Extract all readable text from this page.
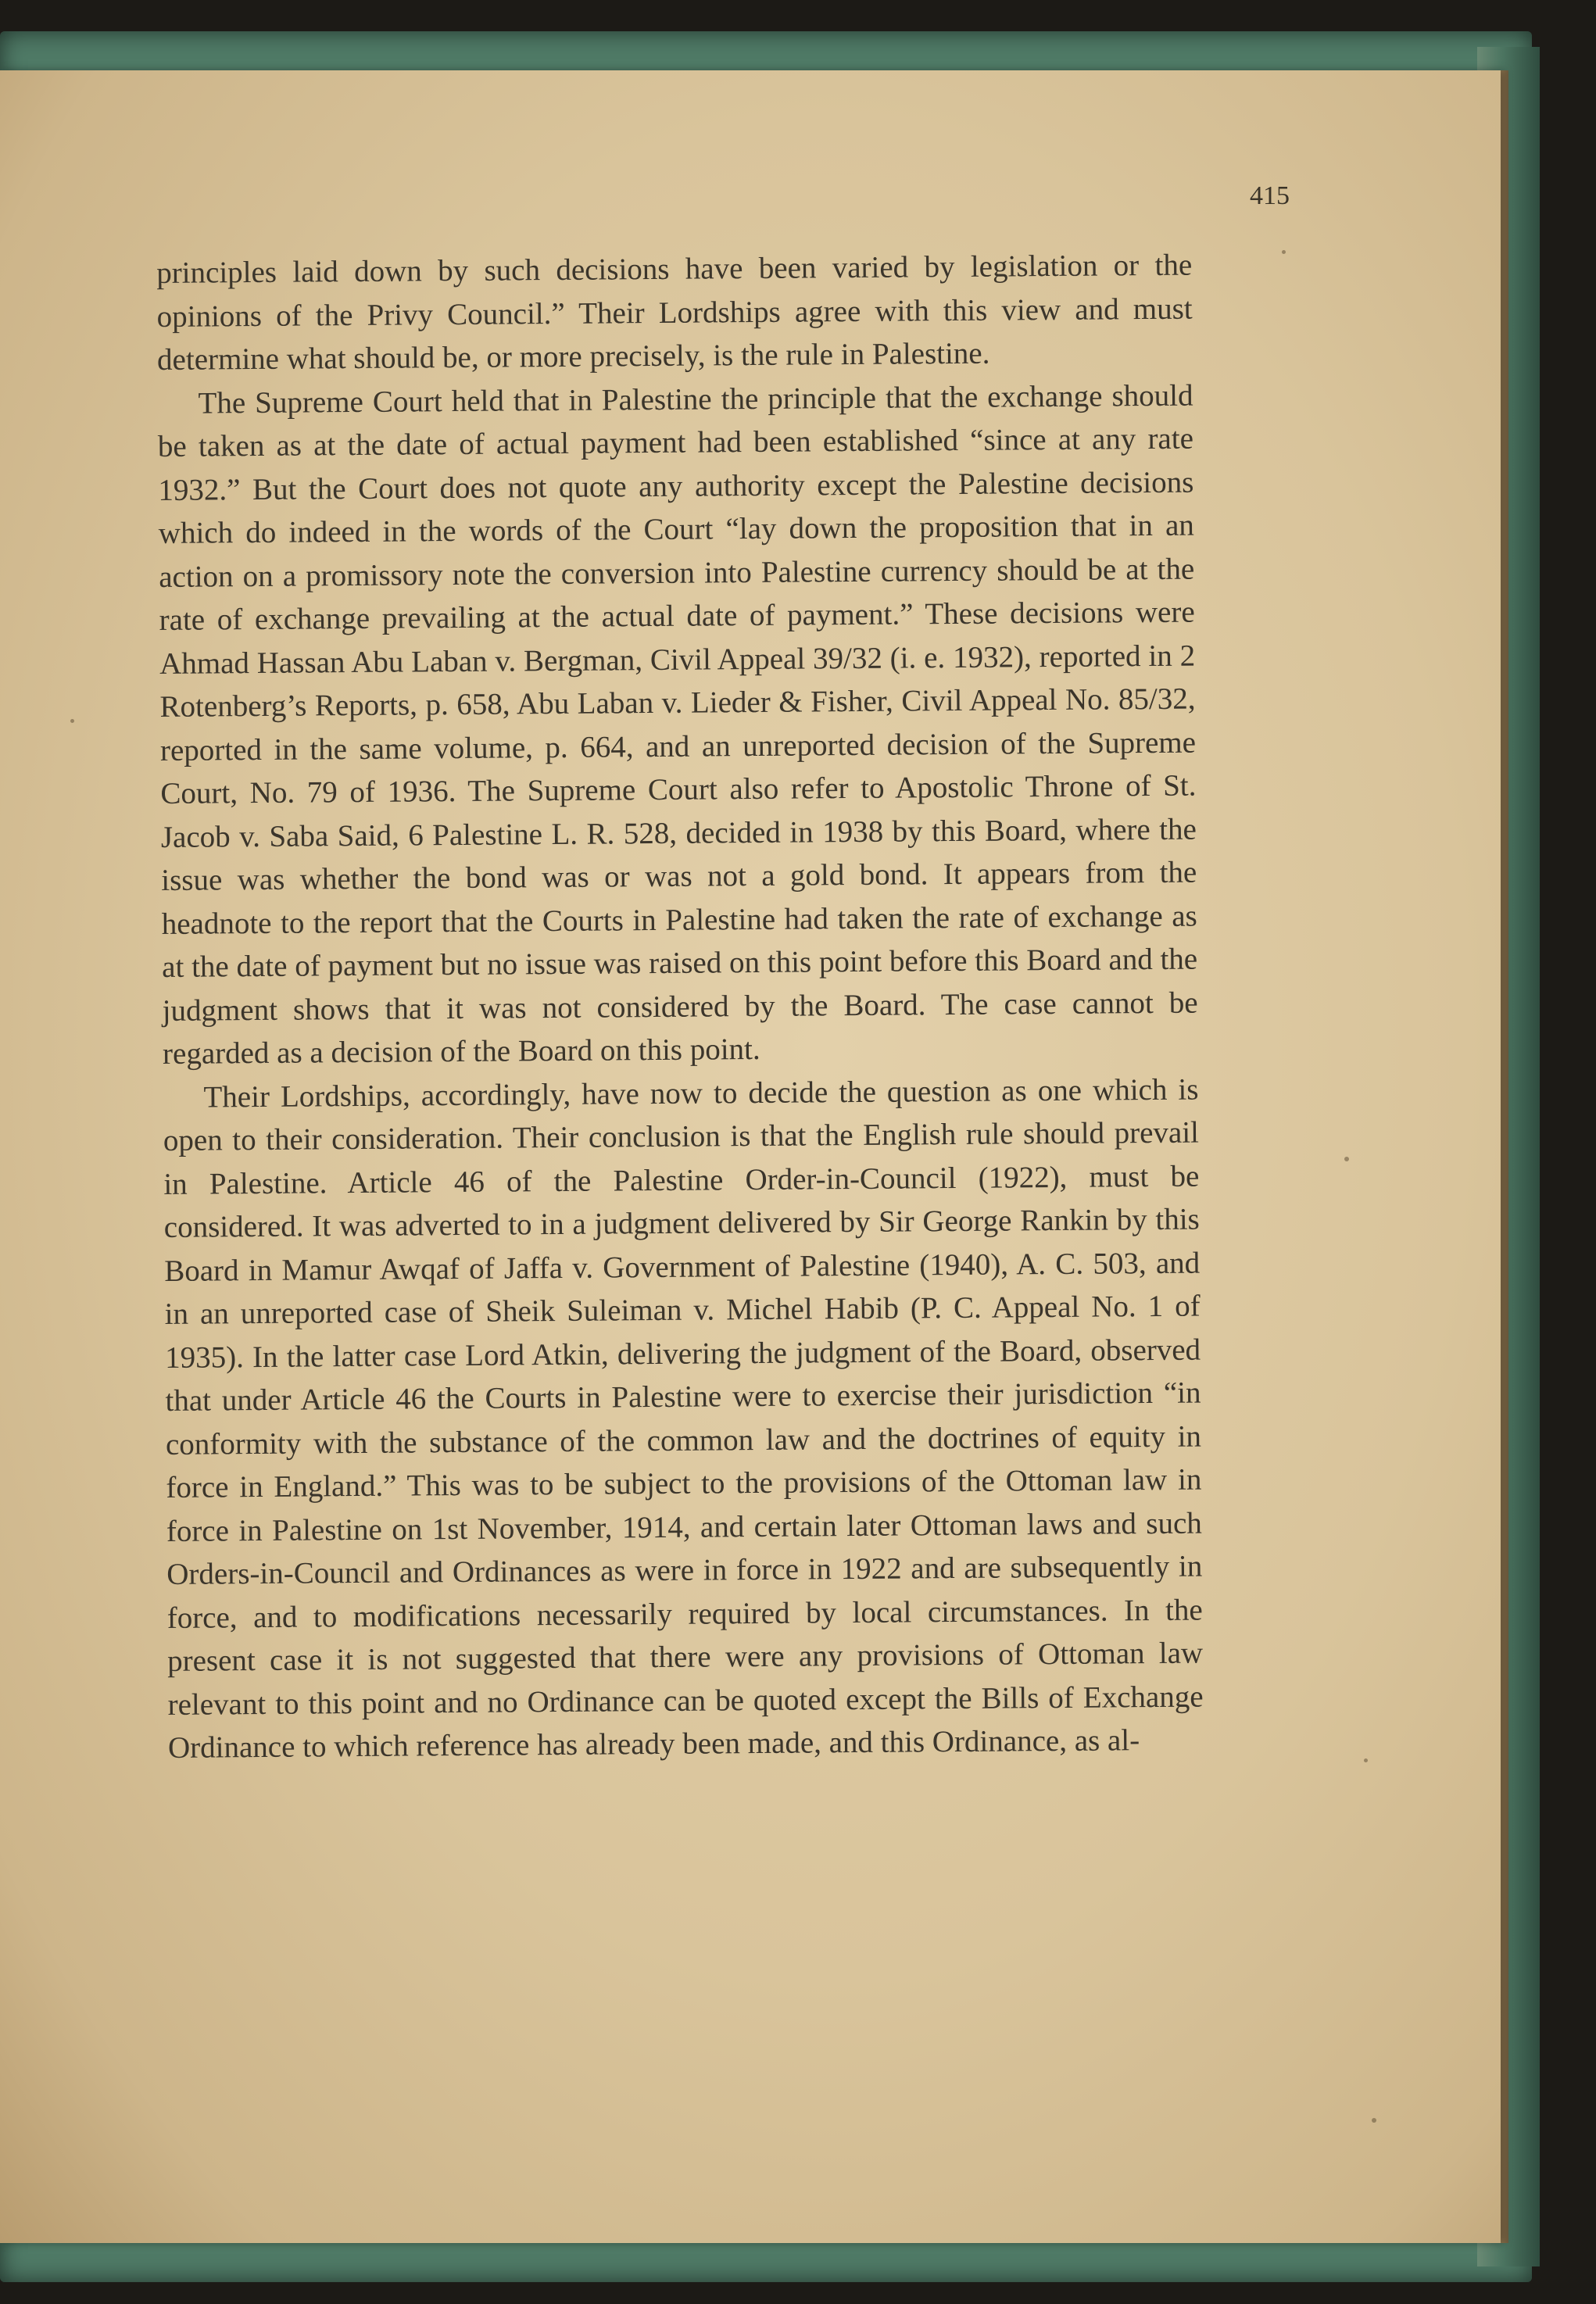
415

principles laid down by such decisions have been varied by legislation or the opinions of the Privy Council.” Their Lordships agree with this view and must determine what should be, or more precisely, is the rule in Palestine.

The Supreme Court held that in Palestine the principle that the exchange should be taken as at the date of actual payment had been established “since at any rate 1932.” But the Court does not quote any authority except the Palestine decisions which do indeed in the words of the Court “lay down the proposition that in an action on a promissory note the conversion into Palestine currency should be at the rate of exchange prevailing at the actual date of payment.” These decisions were Ahmad Hassan Abu Laban v. Bergman, Civil Appeal 39/32 (i. e. 1932), reported in 2 Rotenberg’s Reports, p. 658, Abu Laban v. Lieder & Fisher, Civil Appeal No. 85/32, reported in the same volume, p. 664, and an unreported decision of the Supreme Court, No. 79 of 1936. The Supreme Court also refer to Apostolic Throne of St. Jacob v. Saba Said, 6 Palestine L. R. 528, decided in 1938 by this Board, where the issue was whether the bond was or was not a gold bond. It appears from the headnote to the report that the Courts in Palestine had taken the rate of exchange as at the date of payment but no issue was raised on this point before this Board and the judgment shows that it was not considered by the Board. The case cannot be regarded as a decision of the Board on this point.

Their Lordships, accordingly, have now to decide the question as one which is open to their consideration. Their conclusion is that the English rule should prevail in Palestine. Article 46 of the Palestine Order-in-Council (1922), must be considered. It was adverted to in a judgment delivered by Sir George Rankin by this Board in Mamur Awqaf of Jaffa v. Government of Palestine (1940), A. C. 503, and in an unreported case of Sheik Suleiman v. Michel Habib (P. C. Appeal No. 1 of 1935). In the latter case Lord Atkin, delivering the judgment of the Board, observed that under Article 46 the Courts in Palestine were to exercise their jurisdiction “in conformity with the substance of the common law and the doctrines of equity in force in England.” This was to be subject to the provisions of the Ottoman law in force in Palestine on 1st November, 1914, and certain later Ottoman laws and such Orders-in-Council and Ordinances as were in force in 1922 and are subsequently in force, and to modifications necessarily required by local circumstances. In the present case it is not suggested that there were any provisions of Ottoman law relevant to this point and no Ordinance can be quoted except the Bills of Exchange Ordinance to which reference has already been made, and this Ordinance, as al-
